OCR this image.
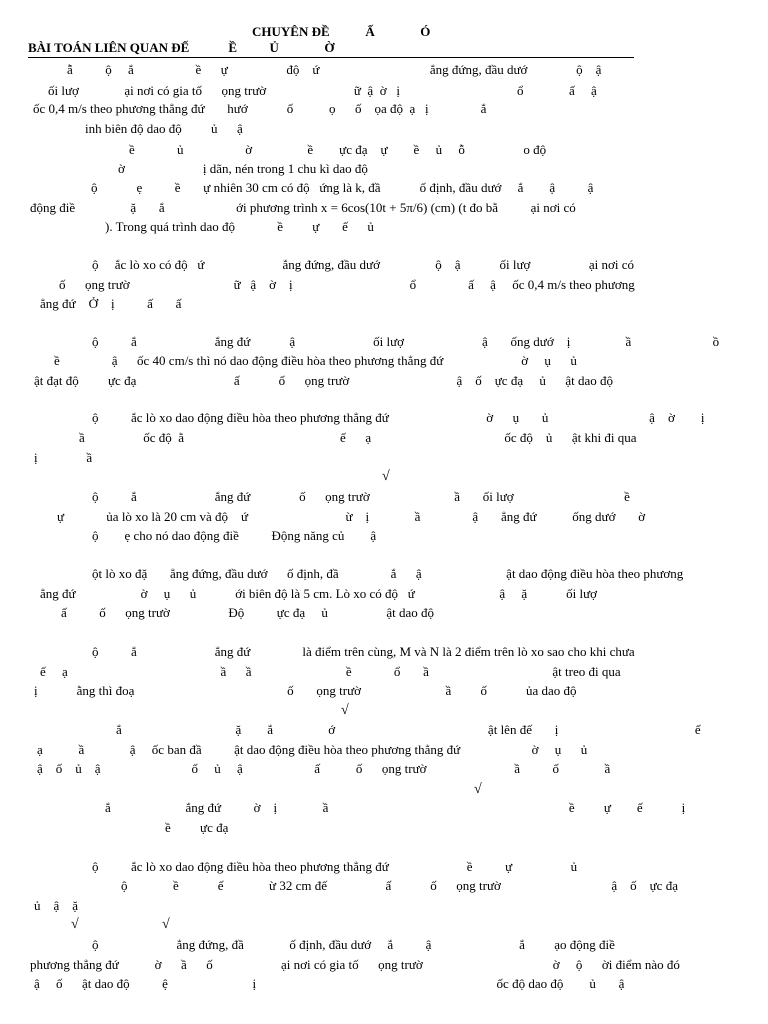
CHUYÊN ĐỀ           Ấ              Ó
BÀI TOÁN LIÊN QUAN ĐẾ            Ề          Ủ              Ờ
√
√
√
√	√
ẫ          ộ     ắ                   ề      ự                  độ    ứ                                  ắng đứng, đầu dướ               ộ    ậ
ối lượ              ại nơi có gia tố      ọng trườ                           ữ  ậ  ờ   ị                                    ổ              ấ     ậ
ốc 0,4 m/s theo phương thẳng đứ       hướ            ố           ọ      ố    ọa độ  ạ   ị                ắ
inh biên độ dao độ         ủ      ậ
ề             ủ                   ờ                 ề        ực đạ    ự        ề     ủ     ỗ                  o độ
ờ                        ị dãn, nén trong 1 chu kì dao độ
ộ            ẹ          ề       ự nhiên 30 cm có độ   ứng là k, đầ            ố định, đầu dướ     ắ        ậ          ậ
động điề                 ặ       ắ                      ới phương trình x = 6cos(10t + 5π/6) (cm) (t đo bằ          ại nơi có
). Trong quá trình dao độ             ề         ự       ế      ủ
ộ     ắc lò xo có độ   ứ                        ắng đứng, đầu dướ                 ộ    ậ            ối lượ                  ại nơi có
ố      ọng trườ                                ữ   ậ    ờ    ị                                    ổ                ấ     ậ     ốc 0,4 m/s theo phương
ẳng đứ    Ở    ị          ấ       ấ
ộ          ắ                        ắng đứ            ậ                        ối lượ                        ậ       ống dướ    ị                 ầ                         ồ
ề                ậ      ốc 40 cm/s thì nó dao động điều hòa theo phương thẳng đứ                        ờ     ụ      ủ
ật đạt độ         ực đạ                              ấ            ố      ọng trườ                                 ậ    ố    ực đạ     ủ      ật dao độ
ộ          ắc lò xo dao động điều hòa theo phương thẳng đứ                              ờ      ụ       ủ                               ậ    ờ        ị
ầ                  ốc độ  ằ                                                ế      ạ                                         ốc độ    ủ      ật khi đi qua
ị               ầ
ộ          ắ                        ắng đứ               ố      ọng trườ                          ầ       ối lượ                                  ề
ự             ủa lò xo là 20 cm và độ    ứ                              ừ    ị              ầ                ậ       ẳng đứ           ống dướ       ờ
ộ        ẹ cho nó dao động điề          Động năng củ        ậ
ột lò xo đặ       ẳng đứng, đầu dướ      ố định, đầ                ắ      ậ                          ật dao động điều hòa theo phương
ẳng đứ                    ờ     ụ      ủ            ới biên độ là 5 cm. Lò xo có độ   ứ                          ậ     ặ            ối lượ
ấ          ố      ọng trườ                  Độ          ực đạ     ủ                  ật dao độ
ộ          ắ                        ắng đứ                là điểm trên cùng, M và N là 2 điểm trên lò xo sao cho khi chưa
ế     ạ                                               ầ      ầ                             ề             ổ       ầ                                      ật treo đi qua
ị            ằng thì đoạ                                               ố       ọng trườ                          ầ         ố            ủa dao độ
ắ                                   ặ        ắ                 ớ                                               ật lên đế       ị                                          ế
ạ           ầ              ậ     ốc ban đầ          ật dao động điều hòa theo phương thẳng đứ                      ờ     ụ      ủ
ậ    ố    ủ    ậ                            ố     ủ     ậ                      ấ           ố      ọng trườ                           ầ          ố              ầ
ắ                       ắng đứ          ờ    ị              ầ                                                                          ề         ự        ế            ị
ề         ực đạ
ộ          ắc lò xo dao động điều hòa theo phương thẳng đứ                        ề          ự                  ủ
ộ              ề            ế              ừ 32 cm đế                  ấ            ố      ọng trườ                                  ậ    ố    ực đạ
ủ    ậ    ặ
ộ                        ẳng đứng, đầ              ố định, đầu dướ     ắ          ậ                           ắ         ạo động điề
phương thẳng đứ           ờ      ầ      ố                     ại nơi có gia tố      ọng trườ                                        ờ     ộ      ời điểm nào đó
ậ     ố      ật dao độ          ệ                          ị                                                                          ốc độ dao độ        ủ       ậ
